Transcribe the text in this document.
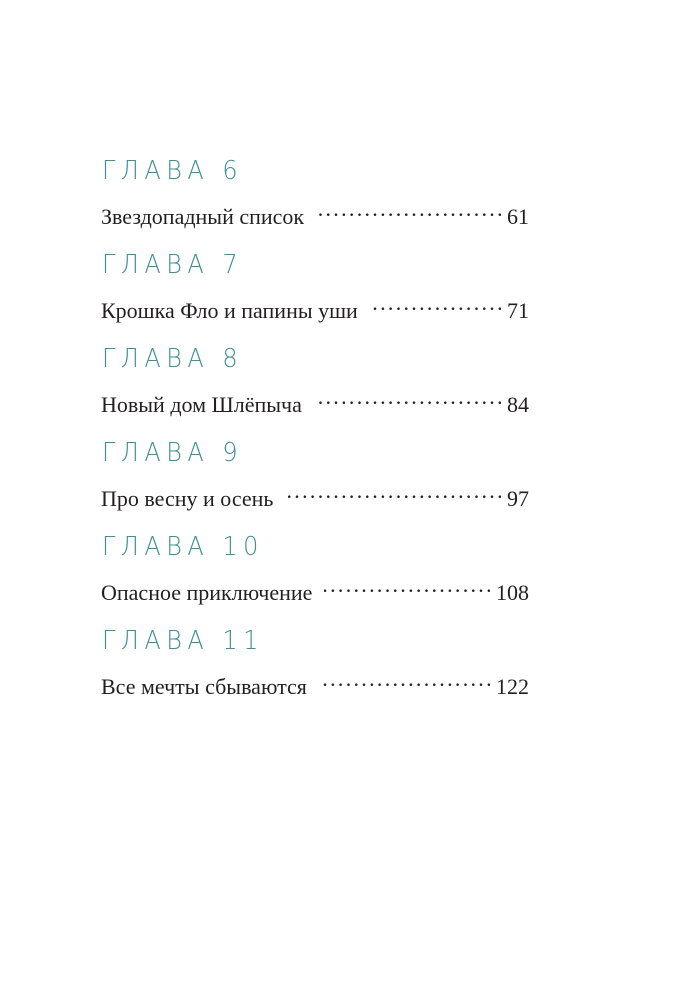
ГЛАВА 6
Звездопадный список . . .	61
ГЛАВА 7
Крошка Фло и папины уши . . .	71
ГЛАВА 8
Новый дом Шлёпыча . . .	84
ГЛАВА 9
Про весну и осень . . .	97
ГЛАВА 10
Опасное приключение . . .	108
ГЛАВА 11
Все мечты сбываются . . .	122
